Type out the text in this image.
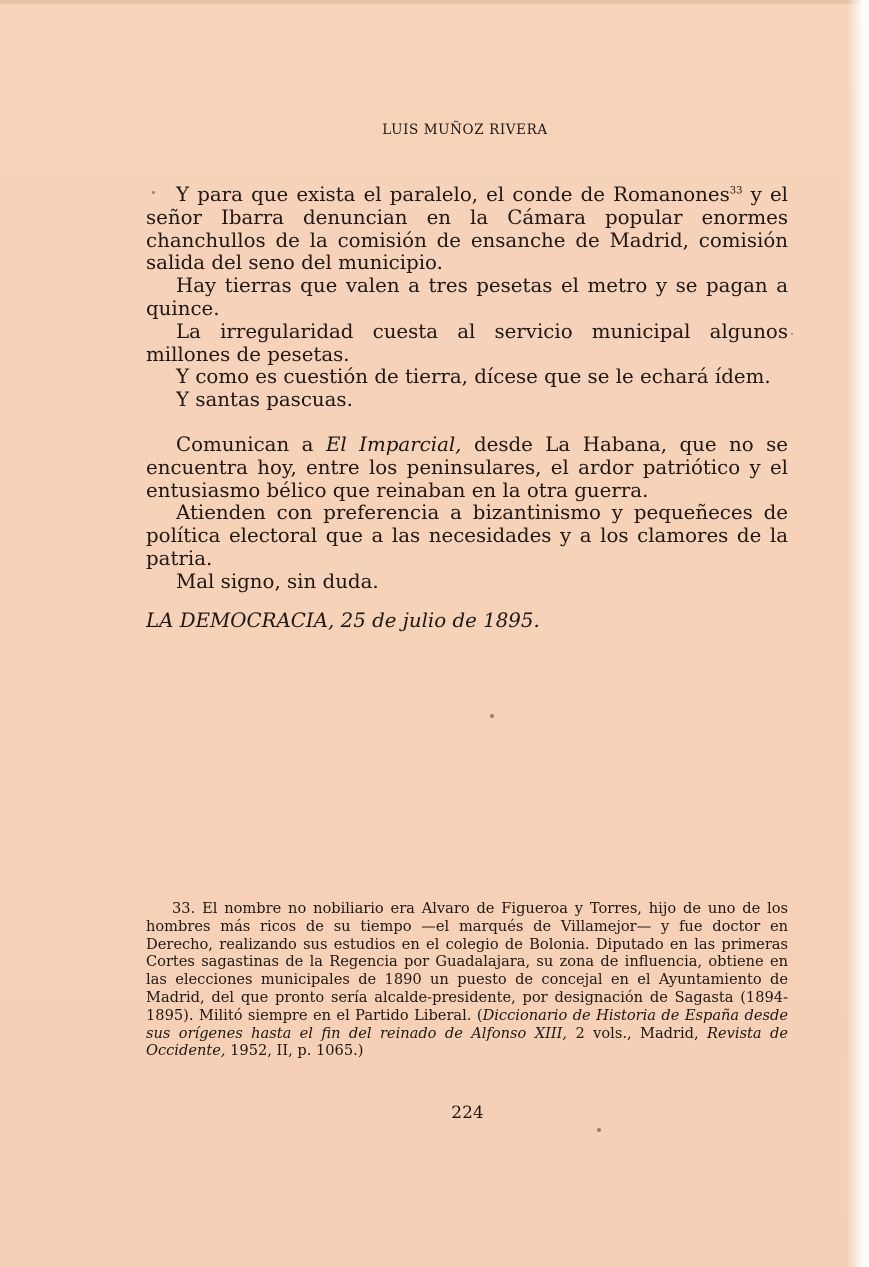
LUIS MUÑOZ RIVERA

Y para que exista el paralelo, el conde de Romanones$^{33}$ y el señor Ibarra denuncian en la Cámara popular enormes chanchullos de la comisión de ensanche de Madrid, comisión salida del seno del municipio.

Hay tierras que valen a tres pesetas el metro y se pagan a quince.

La irregularidad cuesta al servicio municipal algunos millones de pesetas.

Y como es cuestión de tierra, dícese que se le echará ídem.

Y santas pascuas.

Comunican a El Imparcial, desde La Habana, que no se encuentra hoy, entre los peninsulares, el ardor patriótico y el entusiasmo bélico que reinaban en la otra guerra.

Atienden con preferencia a bizantinismo y pequeñeces de política electoral que a las necesidades y a los clamores de la patria.

Mal signo, sin duda.

LA DEMOCRACIA, 25 de julio de 1895.
33. El nombre no nobiliario era Alvaro de Figueroa y Torres, hijo de uno de los hombres más ricos de su tiempo —el marqués de Villamejor— y fue doctor en Derecho, realizando sus estudios en el colegio de Bolonia. Diputado en las primeras Cortes sagastinas de la Regencia por Guadalajara, su zona de influencia, obtiene en las elecciones municipales de 1890 un puesto de concejal en el Ayuntamiento de Madrid, del que pronto sería alcalde-presidente, por designación de Sagasta (1894-1895). Militó siempre en el Partido Liberal. (Diccionario de Historia de España desde sus orígenes hasta el fin del reinado de Alfonso XIII, 2 vols., Madrid, Revista de Occidente, 1952, II, p. 1065.)
224
